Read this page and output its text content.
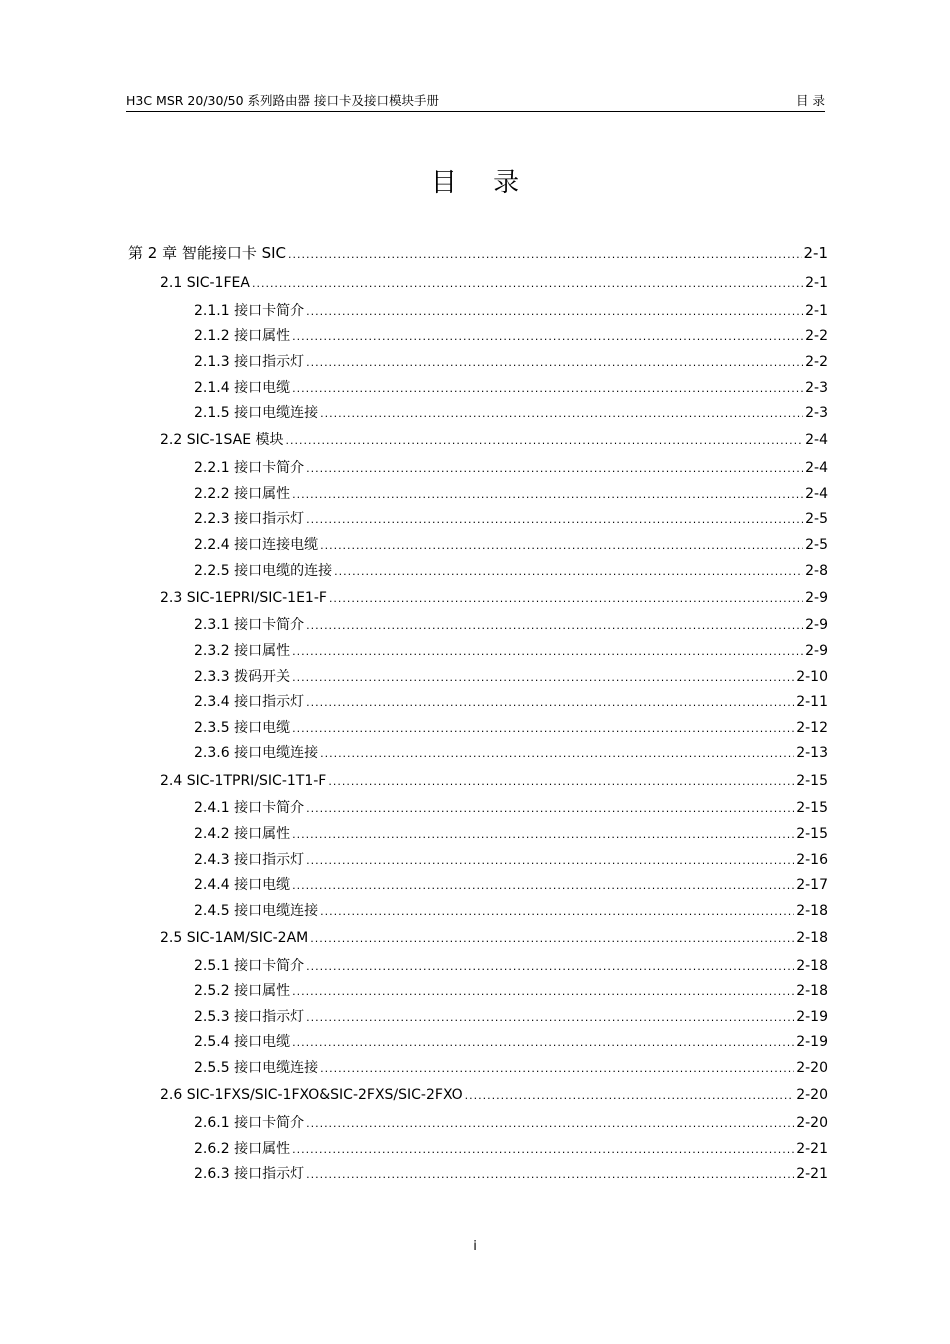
H3C MSR 20/30/50 系列路由器 接口卡及接口模块手册	目 录
目 录
第 2 章 智能接口卡 SIC .....	2-1
2.1 SIC-1FEA .....	2-1
2.1.1 接口卡简介 .....	2-1
2.1.2 接口属性 .....	2-2
2.1.3 接口指示灯 .....	2-2
2.1.4 接口电缆 .....	2-3
2.1.5 接口电缆连接 .....	2-3
2.2 SIC-1SAE 模块 .....	2-4
2.2.1 接口卡简介 .....	2-4
2.2.2 接口属性 .....	2-4
2.2.3 接口指示灯 .....	2-5
2.2.4 接口连接电缆 .....	2-5
2.2.5 接口电缆的连接 .....	2-8
2.3 SIC-1EPRI/SIC-1E1-F .....	2-9
2.3.1 接口卡简介 .....	2-9
2.3.2 接口属性 .....	2-9
2.3.3 拨码开关 .....	2-10
2.3.4 接口指示灯 .....	2-11
2.3.5 接口电缆 .....	2-12
2.3.6 接口电缆连接 .....	2-13
2.4 SIC-1TPRI/SIC-1T1-F .....	2-15
2.4.1 接口卡简介 .....	2-15
2.4.2 接口属性 .....	2-15
2.4.3 接口指示灯 .....	2-16
2.4.4 接口电缆 .....	2-17
2.4.5 接口电缆连接 .....	2-18
2.5 SIC-1AM/SIC-2AM .....	2-18
2.5.1 接口卡简介 .....	2-18
2.5.2 接口属性 .....	2-18
2.5.3 接口指示灯 .....	2-19
2.5.4 接口电缆 .....	2-19
2.5.5 接口电缆连接 .....	2-20
2.6 SIC-1FXS/SIC-1FXO&SIC-2FXS/SIC-2FXO .....	2-20
2.6.1 接口卡简介 .....	2-20
2.6.2 接口属性 .....	2-21
2.6.3 接口指示灯 .....	2-21
i
